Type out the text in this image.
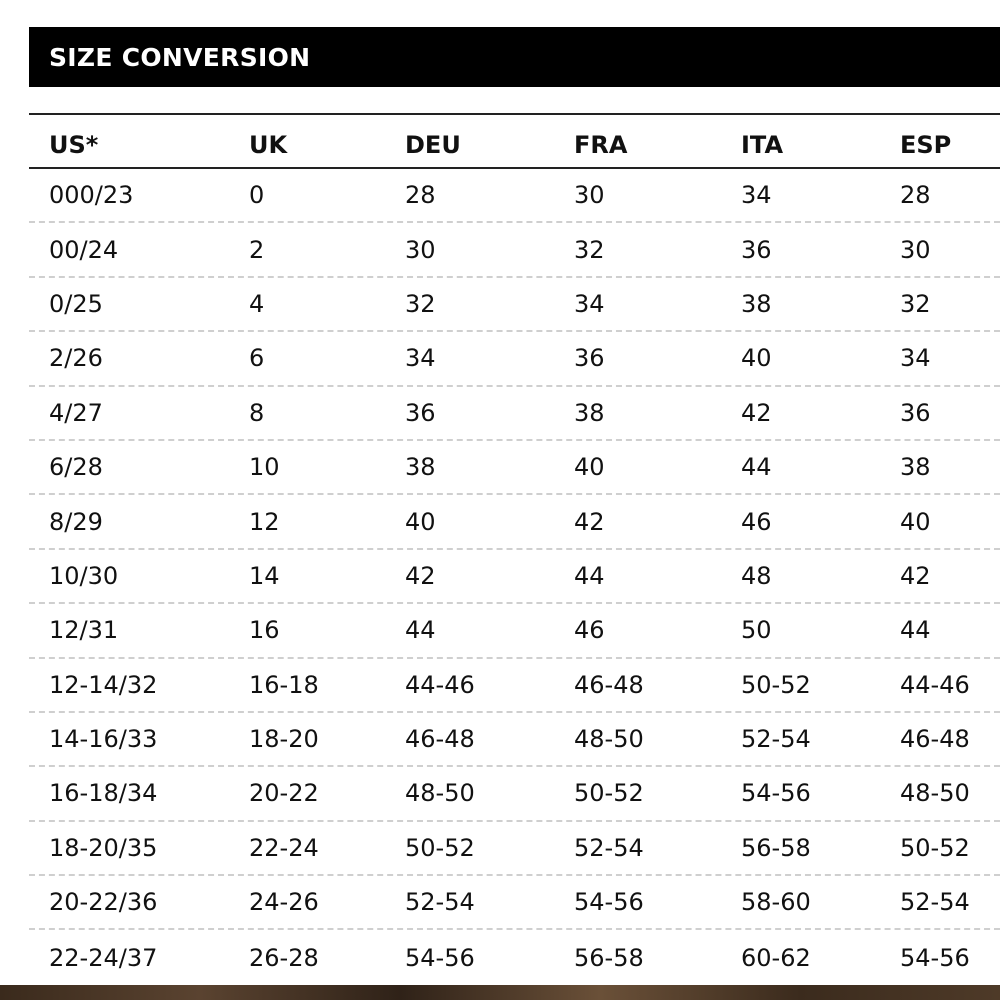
SIZE CONVERSION
US*	UK	DEU	FRA	ITA	ESP
000/23	0	28	30	34	28
00/24	2	30	32	36	30
0/25	4	32	34	38	32
2/26	6	34	36	40	34
4/27	8	36	38	42	36
6/28	10	38	40	44	38
8/29	12	40	42	46	40
10/30	14	42	44	48	42
12/31	16	44	46	50	44
12-14/32	16-18	44-46	46-48	50-52	44-46
14-16/33	18-20	46-48	48-50	52-54	46-48
16-18/34	20-22	48-50	50-52	54-56	48-50
18-20/35	22-24	50-52	52-54	56-58	50-52
20-22/36	24-26	52-54	54-56	58-60	52-54
22-24/37	26-28	54-56	56-58	60-62	54-56
